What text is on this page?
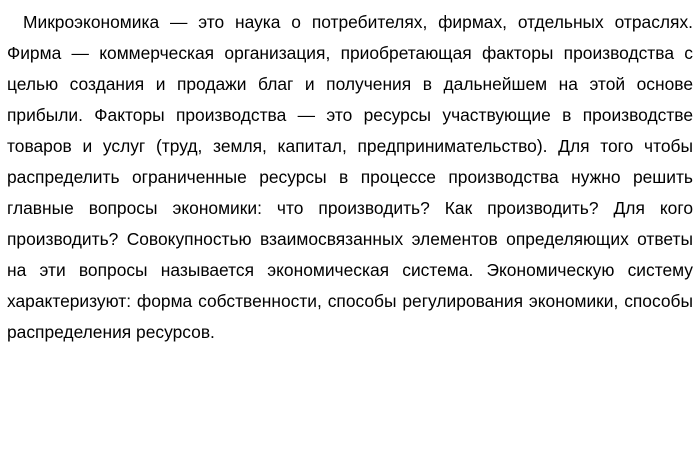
Микроэкономика — это наука о потребителях, фирмах, отдельных отраслях. Фирма — коммерческая организация, приобретающая факторы производства с целью создания и продажи благ и получения в дальнейшем на этой основе прибыли. Факторы производства — это ресурсы участвующие в производстве товаров и услуг (труд, земля, капитал, предпринимательство). Для того чтобы распределить ограниченные ресурсы в процессе производства нужно решить главные вопросы экономики: что производить? Как производить? Для кого производить? Совокупностью взаимосвязанных элементов определяющих ответы на эти вопросы называется экономическая система. Экономическую систему характеризуют: форма собственности, способы регулирования экономики, способы распределения ресурсов.
